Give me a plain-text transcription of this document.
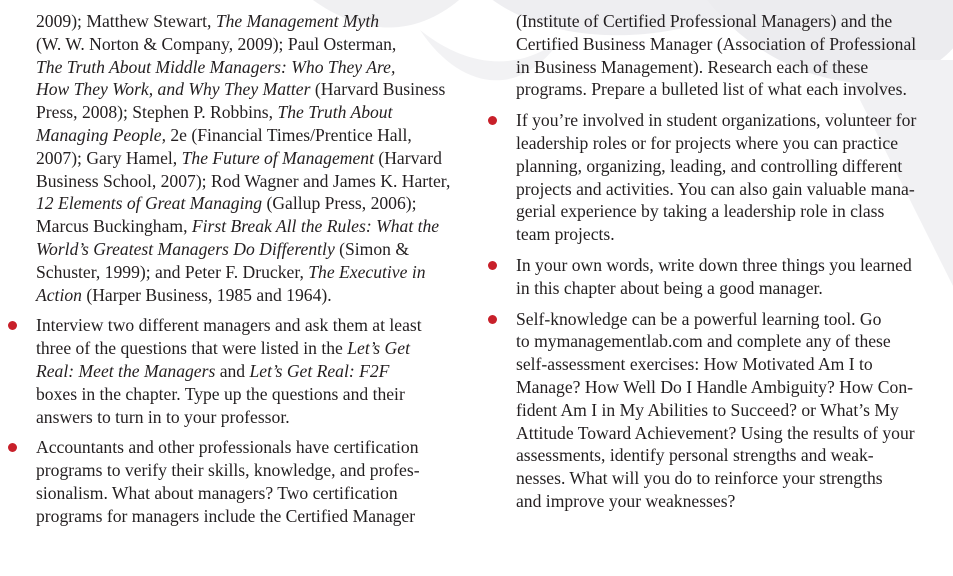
2009); Matthew Stewart, The Management Myth
(W. W. Norton & Company, 2009); Paul Osterman,
The Truth About Middle Managers: Who They Are,
How They Work, and Why They Matter (Harvard Business
Press, 2008); Stephen P. Robbins, The Truth About
Managing People, 2e (Financial Times/Prentice Hall,
2007); Gary Hamel, The Future of Management (Harvard
Business School, 2007); Rod Wagner and James K. Harter,
12 Elements of Great Managing (Gallup Press, 2006);
Marcus Buckingham, First Break All the Rules: What the
World’s Greatest Managers Do Differently (Simon &
Schuster, 1999); and Peter F. Drucker, The Executive in
Action (Harper Business, 1985 and 1964).

Interview two different managers and ask them at least
three of the questions that were listed in the Let’s Get
Real: Meet the Managers and Let’s Get Real: F2F
boxes in the chapter. Type up the questions and their
answers to turn in to your professor.

Accountants and other professionals have certification
programs to verify their skills, knowledge, and profes-
sionalism. What about managers? Two certification
programs for managers include the Certified Manager

(Institute of Certified Professional Managers) and the
Certified Business Manager (Association of Professional
in Business Management). Research each of these
programs. Prepare a bulleted list of what each involves.

If you’re involved in student organizations, volunteer for
leadership roles or for projects where you can practice
planning, organizing, leading, and controlling different
projects and activities. You can also gain valuable mana-
gerial experience by taking a leadership role in class
team projects.

In your own words, write down three things you learned
in this chapter about being a good manager.

Self-knowledge can be a powerful learning tool. Go
to mymanagementlab.com and complete any of these
self-assessment exercises: How Motivated Am I to
Manage? How Well Do I Handle Ambiguity? How Con-
fident Am I in My Abilities to Succeed? or What’s My
Attitude Toward Achievement? Using the results of your
assessments, identify personal strengths and weak-
nesses. What will you do to reinforce your strengths
and improve your weaknesses?
